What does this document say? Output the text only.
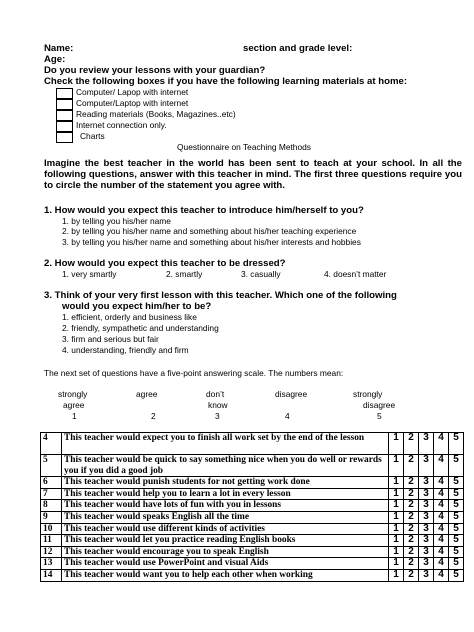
Name:	section and grade level:
Age:
Do you review your lessons with your guardian?
Check the following boxes if you have the following learning materials at home:
Computer/ Lapop with internet
Computer/Laptop with internet
Reading materials (Books, Magazines..etc)
Internet connection only.
Charts
Questionnaire on Teaching Methods
Imagine the best teacher in the world has been sent to teach at your school. In all the following questions, answer with this teacher in mind. The first three questions require you to circle the number of the statement you agree with.
1. How would you expect this teacher to introduce him/herself to you?
1. by telling you his/her name
2. by telling you his/her name and something about his/her teaching experience
3. by telling you his/her name and something about his/her interests and hobbies
2. How would you expect this teacher to be dressed?
1. very smartly	2. smartly	3. casually	4. doesn’t matter
3. Think of your very first lesson with this teacher. Which one of the following
would you expect him/her to be?
1. efficient, orderly and business like
2. friendly, sympathetic and understanding
3. firm and serious but fair
4. understanding, friendly and firm
The next set of questions have a five-point answering scale. The numbers mean:
strongly
agree
1
agree
2
don’t
know
3
disagree
4
strongly
disagree
5
4	This teacher would expect you to finish all work set by the end of the lesson	1	2	3	4	5
5	This teacher would be quick to say something nice when you do well or rewards you if you did a good job	1	2	3	4	5
6	This teacher would punish students for not getting work done	1	2	3	4	5
7	This teacher would help you to learn a lot in every lesson	1	2	3	4	5
8	This teacher would have lots of fun with you in lessons	1	2	3	4	5
9	This teacher would speaks English all the time	1	2	3	4	5
10	This teacher would use different kinds of activities	1	2	3	4	5
11	This teacher would let you practice reading English books	1	2	3	4	5
12	This teacher would encourage you to speak English	1	2	3	4	5
13	This teacher would use PowerPoint and visual Aids	1	2	3	4	5
14	This teacher would want you to help each other when working	1	2	3	4	5
